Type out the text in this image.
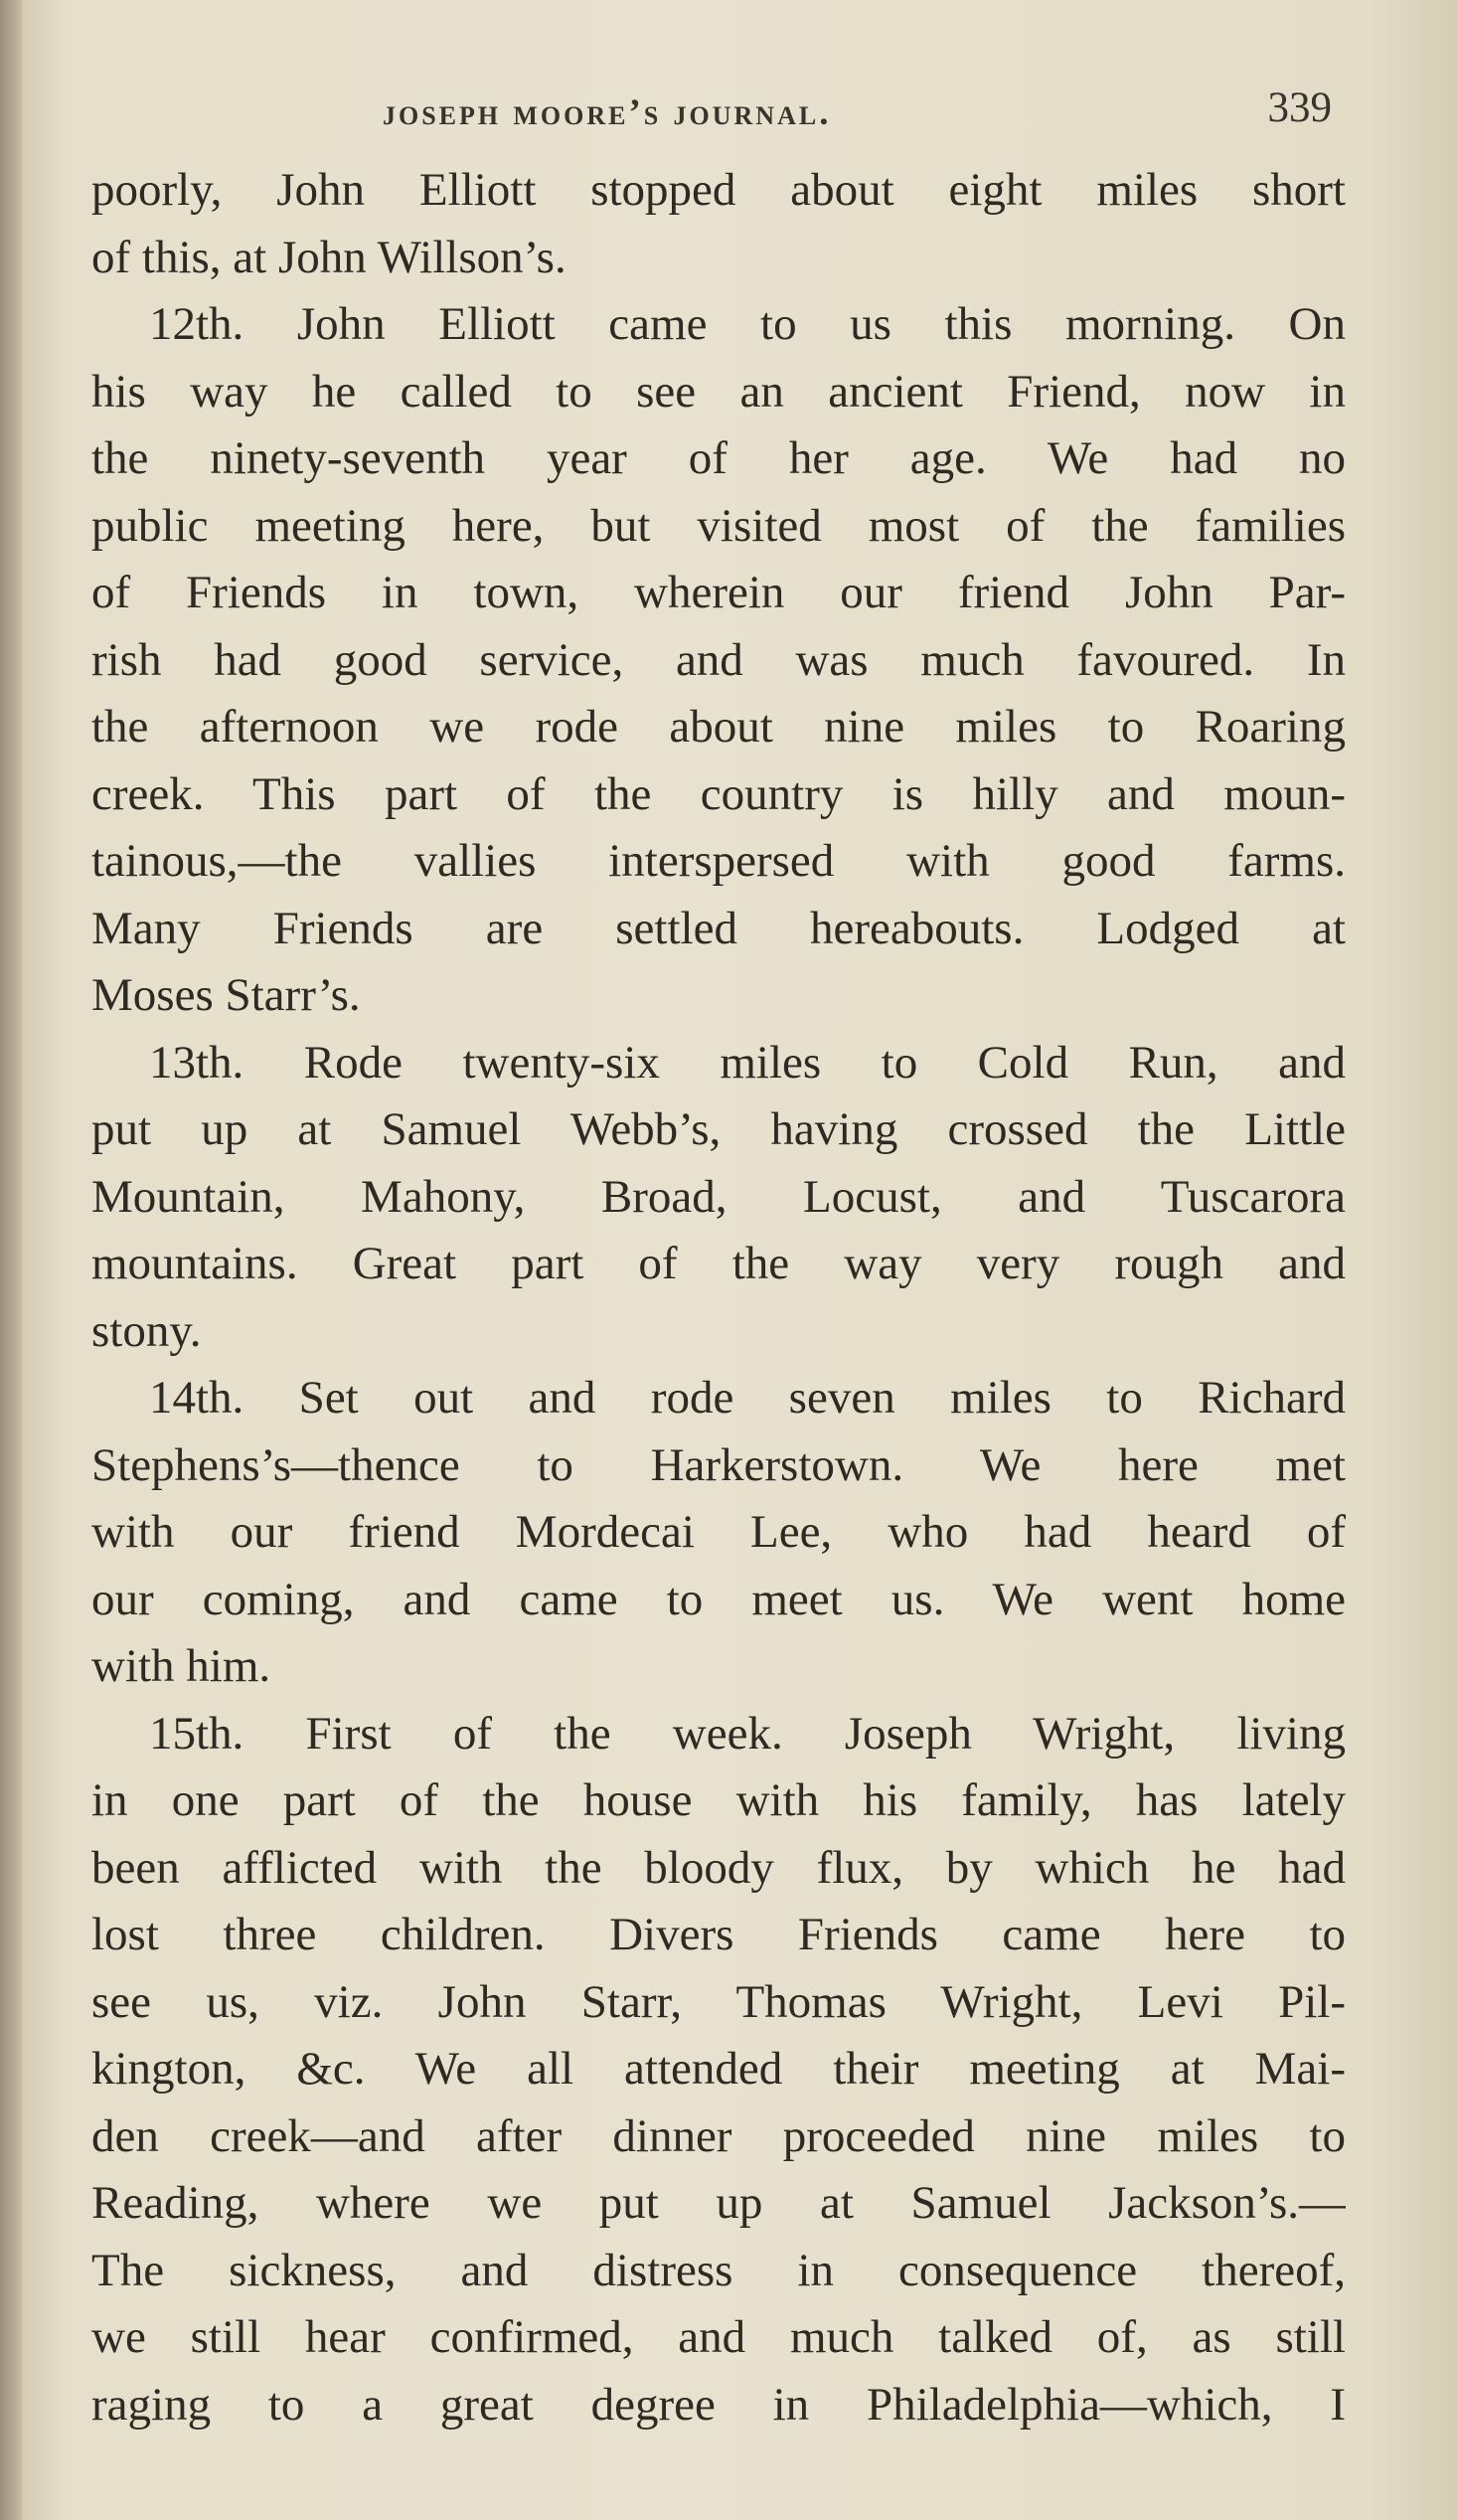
joseph moore’s journal.	339
poorly, John Elliott stopped about eight miles short
of this, at John Willson’s.
12th. John Elliott came to us this morning. On
his way he called to see an ancient Friend, now in
the ninety-seventh year of her age. We had no
public meeting here, but visited most of the families
of Friends in town, wherein our friend John Par-
rish had good service, and was much favoured. In
the afternoon we rode about nine miles to Roaring
creek. This part of the country is hilly and moun-
tainous,—the vallies interspersed with good farms.
Many Friends are settled hereabouts. Lodged at
Moses Starr’s.
13th. Rode twenty-six miles to Cold Run, and
put up at Samuel Webb’s, having crossed the Little
Mountain, Mahony, Broad, Locust, and Tuscarora
mountains. Great part of the way very rough and
stony.
14th. Set out and rode seven miles to Richard
Stephens’s—thence to Harkerstown. We here met
with our friend Mordecai Lee, who had heard of
our coming, and came to meet us. We went home
with him.
15th. First of the week. Joseph Wright, living
in one part of the house with his family, has lately
been afflicted with the bloody flux, by which he had
lost three children. Divers Friends came here to
see us, viz. John Starr, Thomas Wright, Levi Pil-
kington, &c. We all attended their meeting at Mai-
den creek—and after dinner proceeded nine miles to
Reading, where we put up at Samuel Jackson’s.—
The sickness, and distress in consequence thereof,
we still hear confirmed, and much talked of, as still
raging to a great degree in Philadelphia—which, I
